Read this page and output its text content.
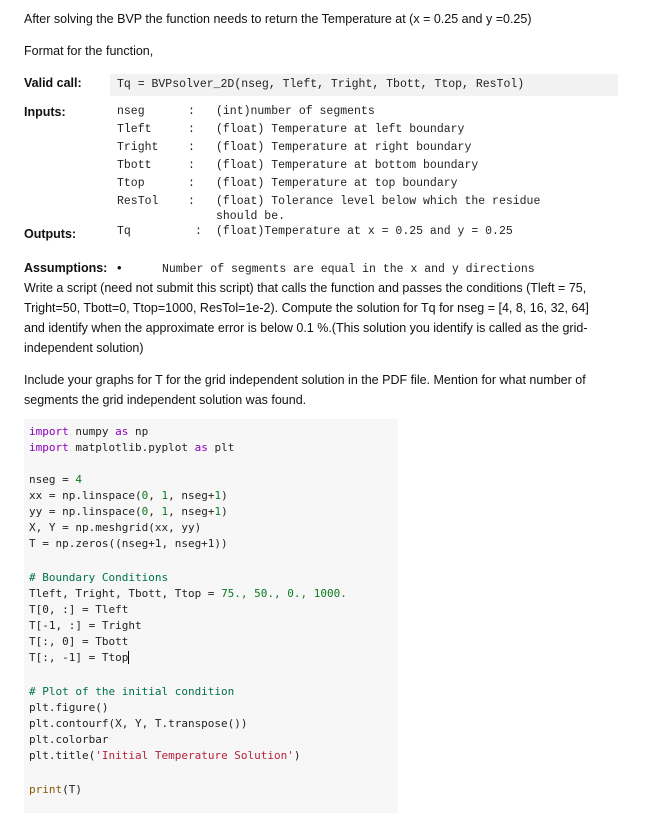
After solving the BVP the function needs to return the Temperature at (x = 0.25 and y =0.25)

Format for the function,

Valid call:	Tq = BVPsolver_2D(nseg, Tleft, Tright, Tbott, Ttop, ResTol)
Inputs:	nseg	: (int)number of segments
Tleft	: (float) Temperature at left boundary
Tright	: (float) Temperature at right boundary
Tbott	: (float) Temperature at bottom boundary
Ttop	: (float) Temperature at top boundary
ResTol	: (float) Tolerance level below which the residue
should be.
Outputs:	Tq	: (float)Temperature at x = 0.25 and y = 0.25
Assumptions: •	Number of segments are equal in the x and y directions
Write a script (need not submit this script) that calls the function and passes the conditions (Tleft = 75,
Tright=50, Tbott=0, Ttop=1000, ResTol=1e-2). Compute the solution for Tq for nseg = [4, 8, 16, 32, 64]
and identify when the approximate error is below 0.1 %.(This solution you identify is called as the grid-
independent solution)
Include your graphs for T for the grid independent solution in the PDF file. Mention for what number of
segments the grid independent solution was found.
import numpy as np
import matplotlib.pyplot as plt
nseg = 4
xx = np.linspace(0, 1, nseg+1)
yy = np.linspace(0, 1, nseg+1)
X, Y = np.meshgrid(xx, yy)
T = np.zeros((nseg+1, nseg+1))
# Boundary Conditions
Tleft, Tright, Tbott, Ttop = 75., 50., 0., 1000.
T[0, :] = Tleft
T[-1, :] = Tright
T[:, 0] = Tbott
T[:, -1] = Ttop
# Plot of the initial condition
plt.figure()
plt.contourf(X, Y, T.transpose())
plt.colorbar
plt.title('Initial Temperature Solution')
print(T)
